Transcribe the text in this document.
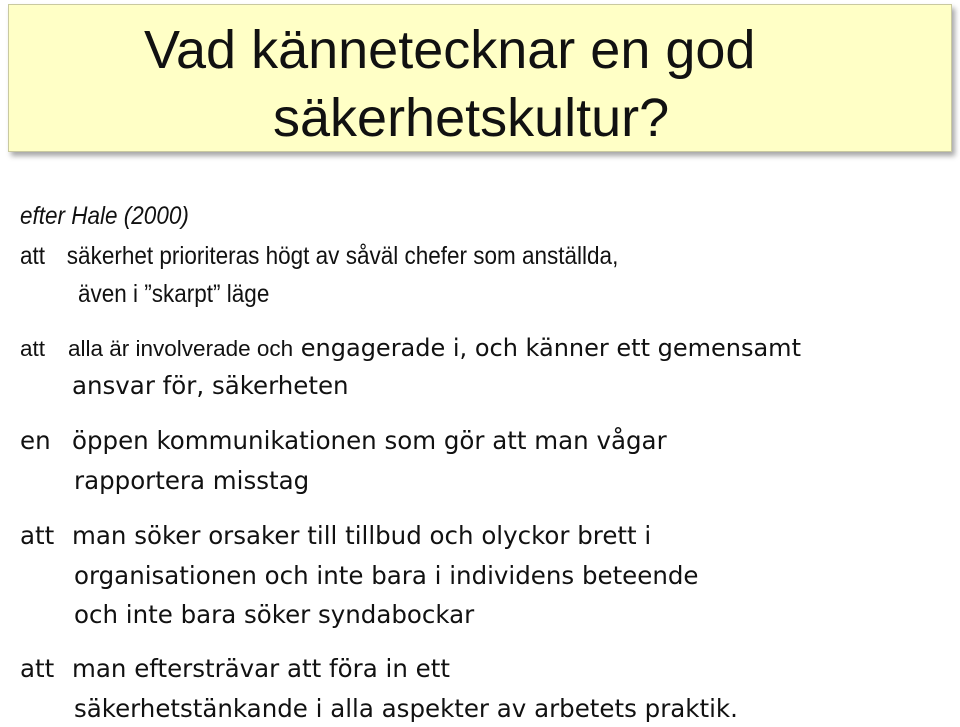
Vad kännetecknar en god
säkerhetskultur?
efter Hale (2000)
att säkerhet prioriteras högt av såväl chefer som anställda,
även i ”skarpt” läge
att alla är involverade och engagerade i, och känner ett gemensamt
ansvar för, säkerheten
en öppen kommunikationen som gör att man vågar
rapportera misstag
att man söker orsaker till tillbud och olyckor brett i
organisationen och inte bara i individens beteende
och inte bara söker syndabockar
att man eftersträvar att föra in ett
säkerhetstänkande i alla aspekter av arbetets praktik.
